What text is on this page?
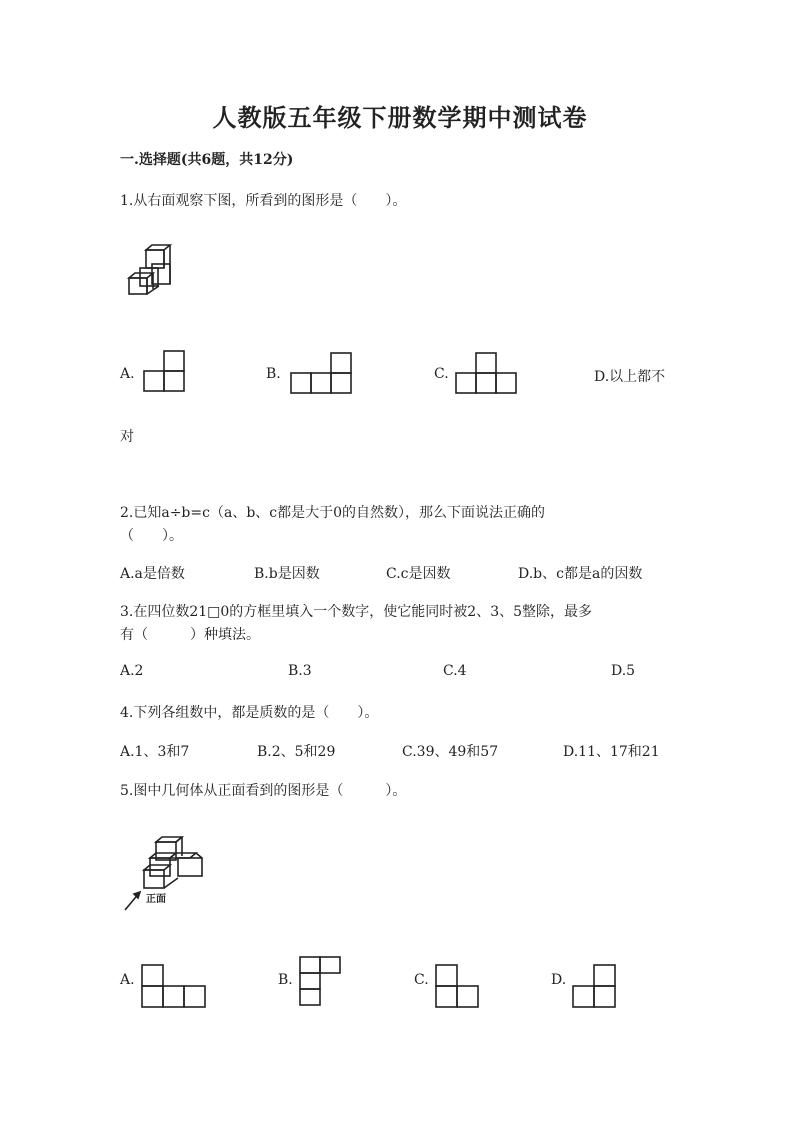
人教版五年级下册数学期中测试卷
一.选择题(共6题，共12分)
1.从右面观察下图，所看到的图形是（　　）。
A.	B.	C.	D.以上都不
对
2.已知a÷b=c（a、b、c都是大于0的自然数），那么下面说法正确的
（　　）。
A.a是倍数	B.b是因数	C.c是因数	D.b、c都是a的因数
3.在四位数21□0的方框里填入一个数字，使它能同时被2、3、5整除，最多
有（　　　）种填法。
A.2	B.3	C.4	D.5
4.下列各组数中，都是质数的是（　　）。
A.1、3和7	B.2、5和29	C.39、49和57	D.11、17和21
5.图中几何体从正面看到的图形是（　　　）。
正面
A.	B.	C.	D.
